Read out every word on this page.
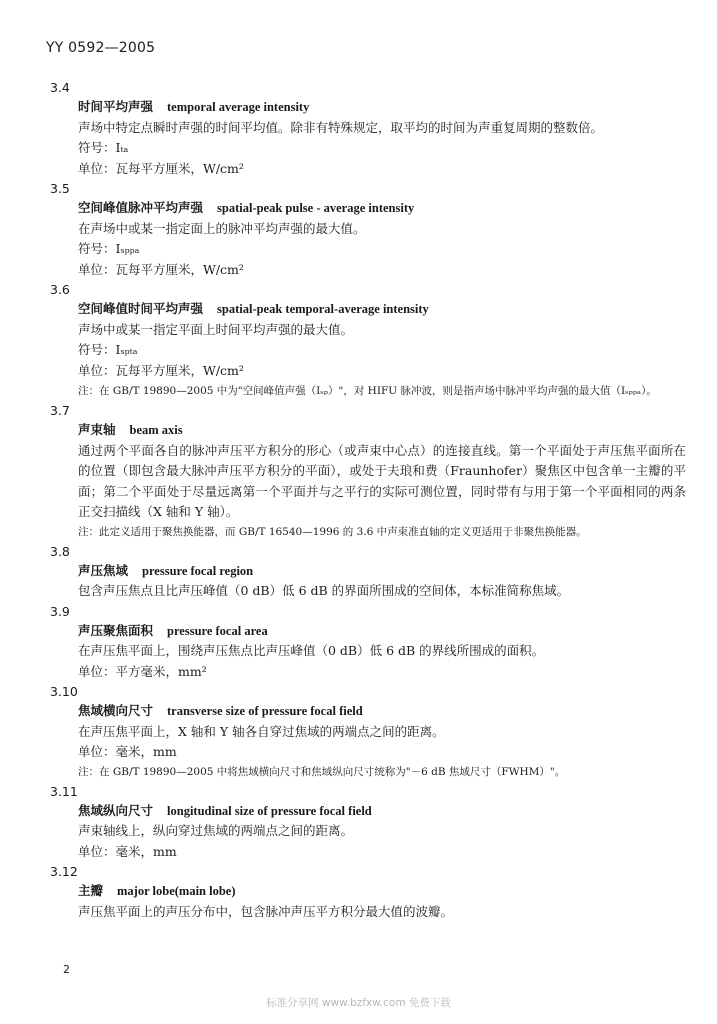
YY 0592—2005
3.4
时间平均声强 temporal average intensity
声场中特定点瞬时声强的时间平均值。除非有特殊规定，取平均的时间为声重复周期的整数倍。
符号：Iₜₐ
单位：瓦每平方厘米，W/cm²
3.5
空间峰值脉冲平均声强 spatial-peak pulse - average intensity
在声场中或某一指定面上的脉冲平均声强的最大值。
符号：Iₛₚₚₐ
单位：瓦每平方厘米，W/cm²
3.6
空间峰值时间平均声强 spatial-peak temporal-average intensity
声场中或某一指定平面上时间平均声强的最大值。
符号：Iₛₚₜₐ
单位：瓦每平方厘米，W/cm²
注：在 GB/T 19890—2005 中为"空间峰值声强（Iₛₚ）"，对 HIFU 脉冲波，则是指声场中脉冲平均声强的最大值（Iₛₚₚₐ）。
3.7
声束轴 beam axis
通过两个平面各自的脉冲声压平方积分的形心（或声束中心点）的连接直线。第一个平面处于声压焦平面所在的位置（即包含最大脉冲声压平方积分的平面），或处于夫琅和费（Fraunhofer）聚焦区中包含单一主瓣的平面；第二个平面处于尽量远离第一个平面并与之平行的实际可测位置，同时带有与用于第一个平面相同的两条正交扫描线（X 轴和 Y 轴）。
注：此定义适用于聚焦换能器，而 GB/T 16540—1996 的 3.6 中声束准直轴的定义更适用于非聚焦换能器。
3.8
声压焦域 pressure focal region
包含声压焦点且比声压峰值（0 dB）低 6 dB 的界面所围成的空间体，本标准简称焦域。
3.9
声压聚焦面积 pressure focal area
在声压焦平面上，围绕声压焦点比声压峰值（0 dB）低 6 dB 的界线所围成的面积。
单位：平方毫米，mm²
3.10
焦域横向尺寸 transverse size of pressure focal field
在声压焦平面上，X 轴和 Y 轴各自穿过焦域的两端点之间的距离。
单位：毫米，mm
注：在 GB/T 19890—2005 中将焦域横向尺寸和焦域纵向尺寸统称为"－6 dB 焦域尺寸（FWHM）"。
3.11
焦域纵向尺寸 longitudinal size of pressure focal field
声束轴线上，纵向穿过焦域的两端点之间的距离。
单位：毫米，mm
3.12
主瓣 major lobe(main lobe)
声压焦平面上的声压分布中，包含脉冲声压平方积分最大值的波瓣。
2
标准分享网 www.bzfxw.com 免费下载
